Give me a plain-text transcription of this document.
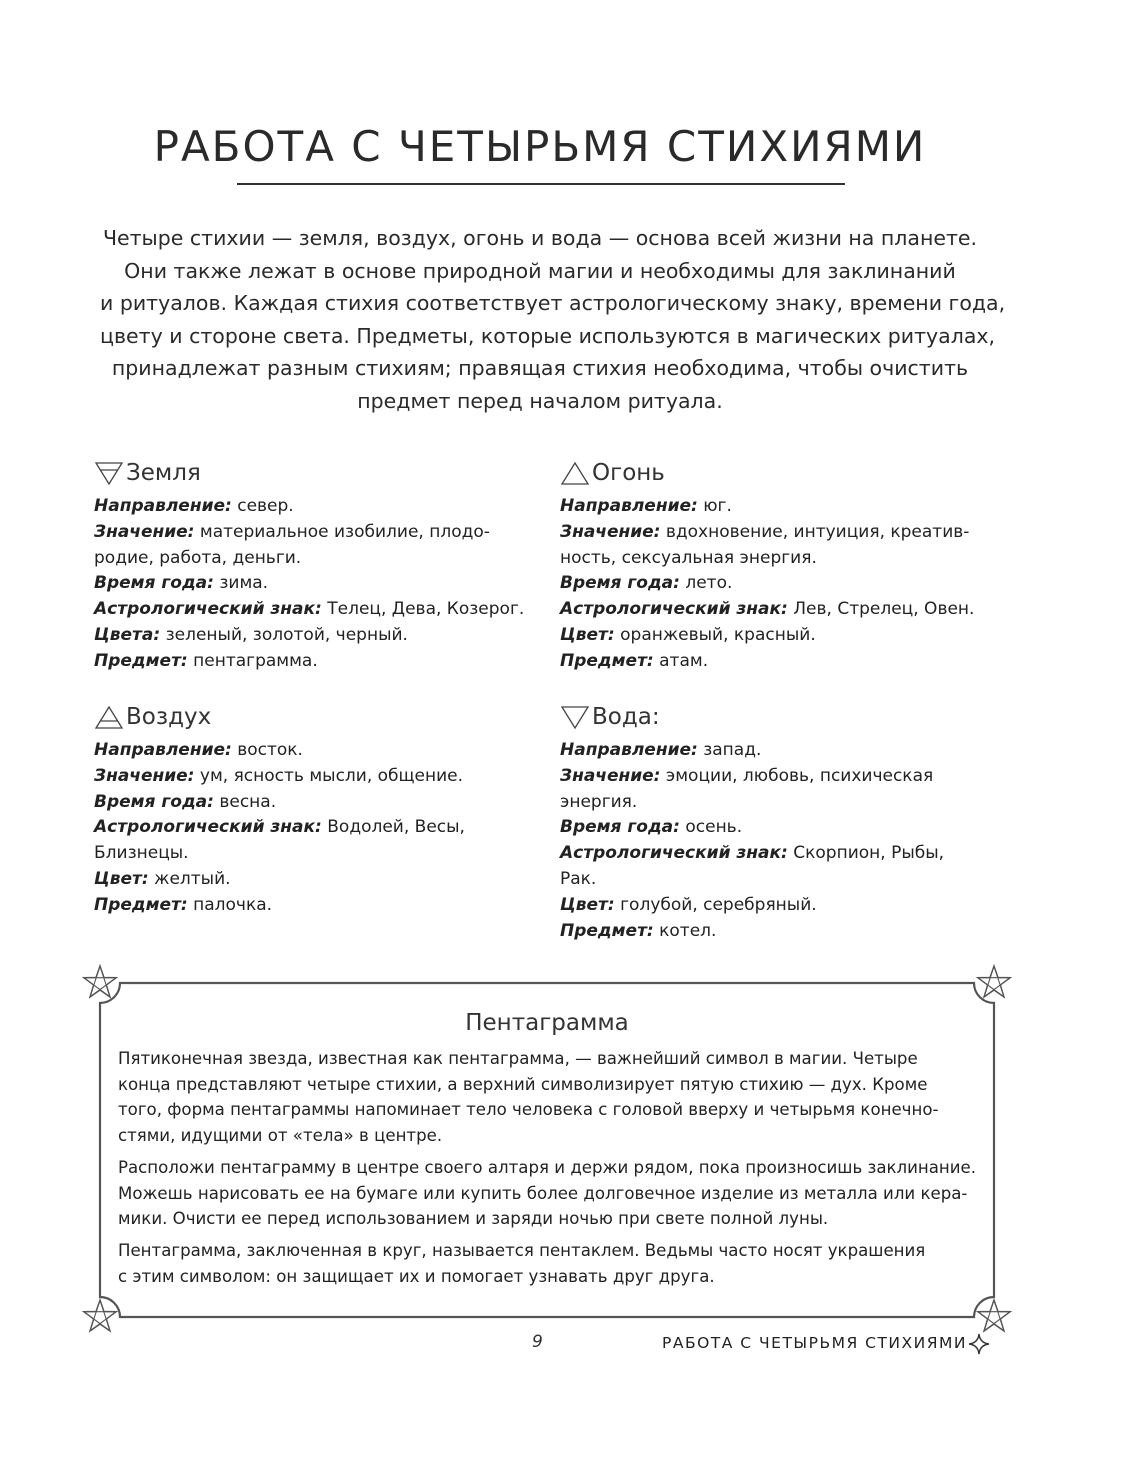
РАБОТА С ЧЕТЫРЬМЯ СТИХИЯМИ
Четыре стихии — земля, воздух, огонь и вода — основа всей жизни на планете.
Они также лежат в основе природной магии и необходимы для заклинаний
и ритуалов. Каждая стихия соответствует астрологическому знаку, времени года,
цвету и стороне света. Предметы, которые используются в магических ритуалах,
принадлежат разным стихиям; правящая стихия необходима, чтобы очистить
предмет перед началом ритуала.
Земля
Направление: север.
Значение: материальное изобилие, плодо-
родие, работа, деньги.
Время года: зима.
Астрологический знак: Телец, Дева, Козерог.
Цвета: зеленый, золотой, черный.
Предмет: пентаграмма.
Огонь
Направление: юг.
Значение: вдохновение, интуиция, креатив-
ность, сексуальная энергия.
Время года: лето.
Астрологический знак: Лев, Стрелец, Овен.
Цвет: оранжевый, красный.
Предмет: атам.
Воздух
Направление: восток.
Значение: ум, ясность мысли, общение.
Время года: весна.
Астрологический знак: Водолей, Весы,
Близнецы.
Цвет: желтый.
Предмет: палочка.
Вода:
Направление: запад.
Значение: эмоции, любовь, психическая
энергия.
Время года: осень.
Астрологический знак: Скорпион, Рыбы,
Рак.
Цвет: голубой, серебряный.
Предмет: котел.
Пентаграмма

Пятиконечная звезда, известная как пентаграмма, — важнейший символ в магии. Четыре
конца представляют четыре стихии, а верхний символизирует пятую стихию — дух. Кроме
того, форма пентаграммы напоминает тело человека с головой вверху и четырьмя конечно-
стями, идущими от «тела» в центре.

Расположи пентаграмму в центре своего алтаря и держи рядом, пока произносишь заклинание.
Можешь нарисовать ее на бумаге или купить более долговечное изделие из металла или кера-
мики. Очисти ее перед использованием и заряди ночью при свете полной луны.

Пентаграмма, заключенная в круг, называется пентаклем. Ведьмы часто носят украшения
с этим символом: он защищает их и помогает узнавать друг друга.

9	РАБОТА С ЧЕТЫРЬМЯ СТИХИЯМИ
